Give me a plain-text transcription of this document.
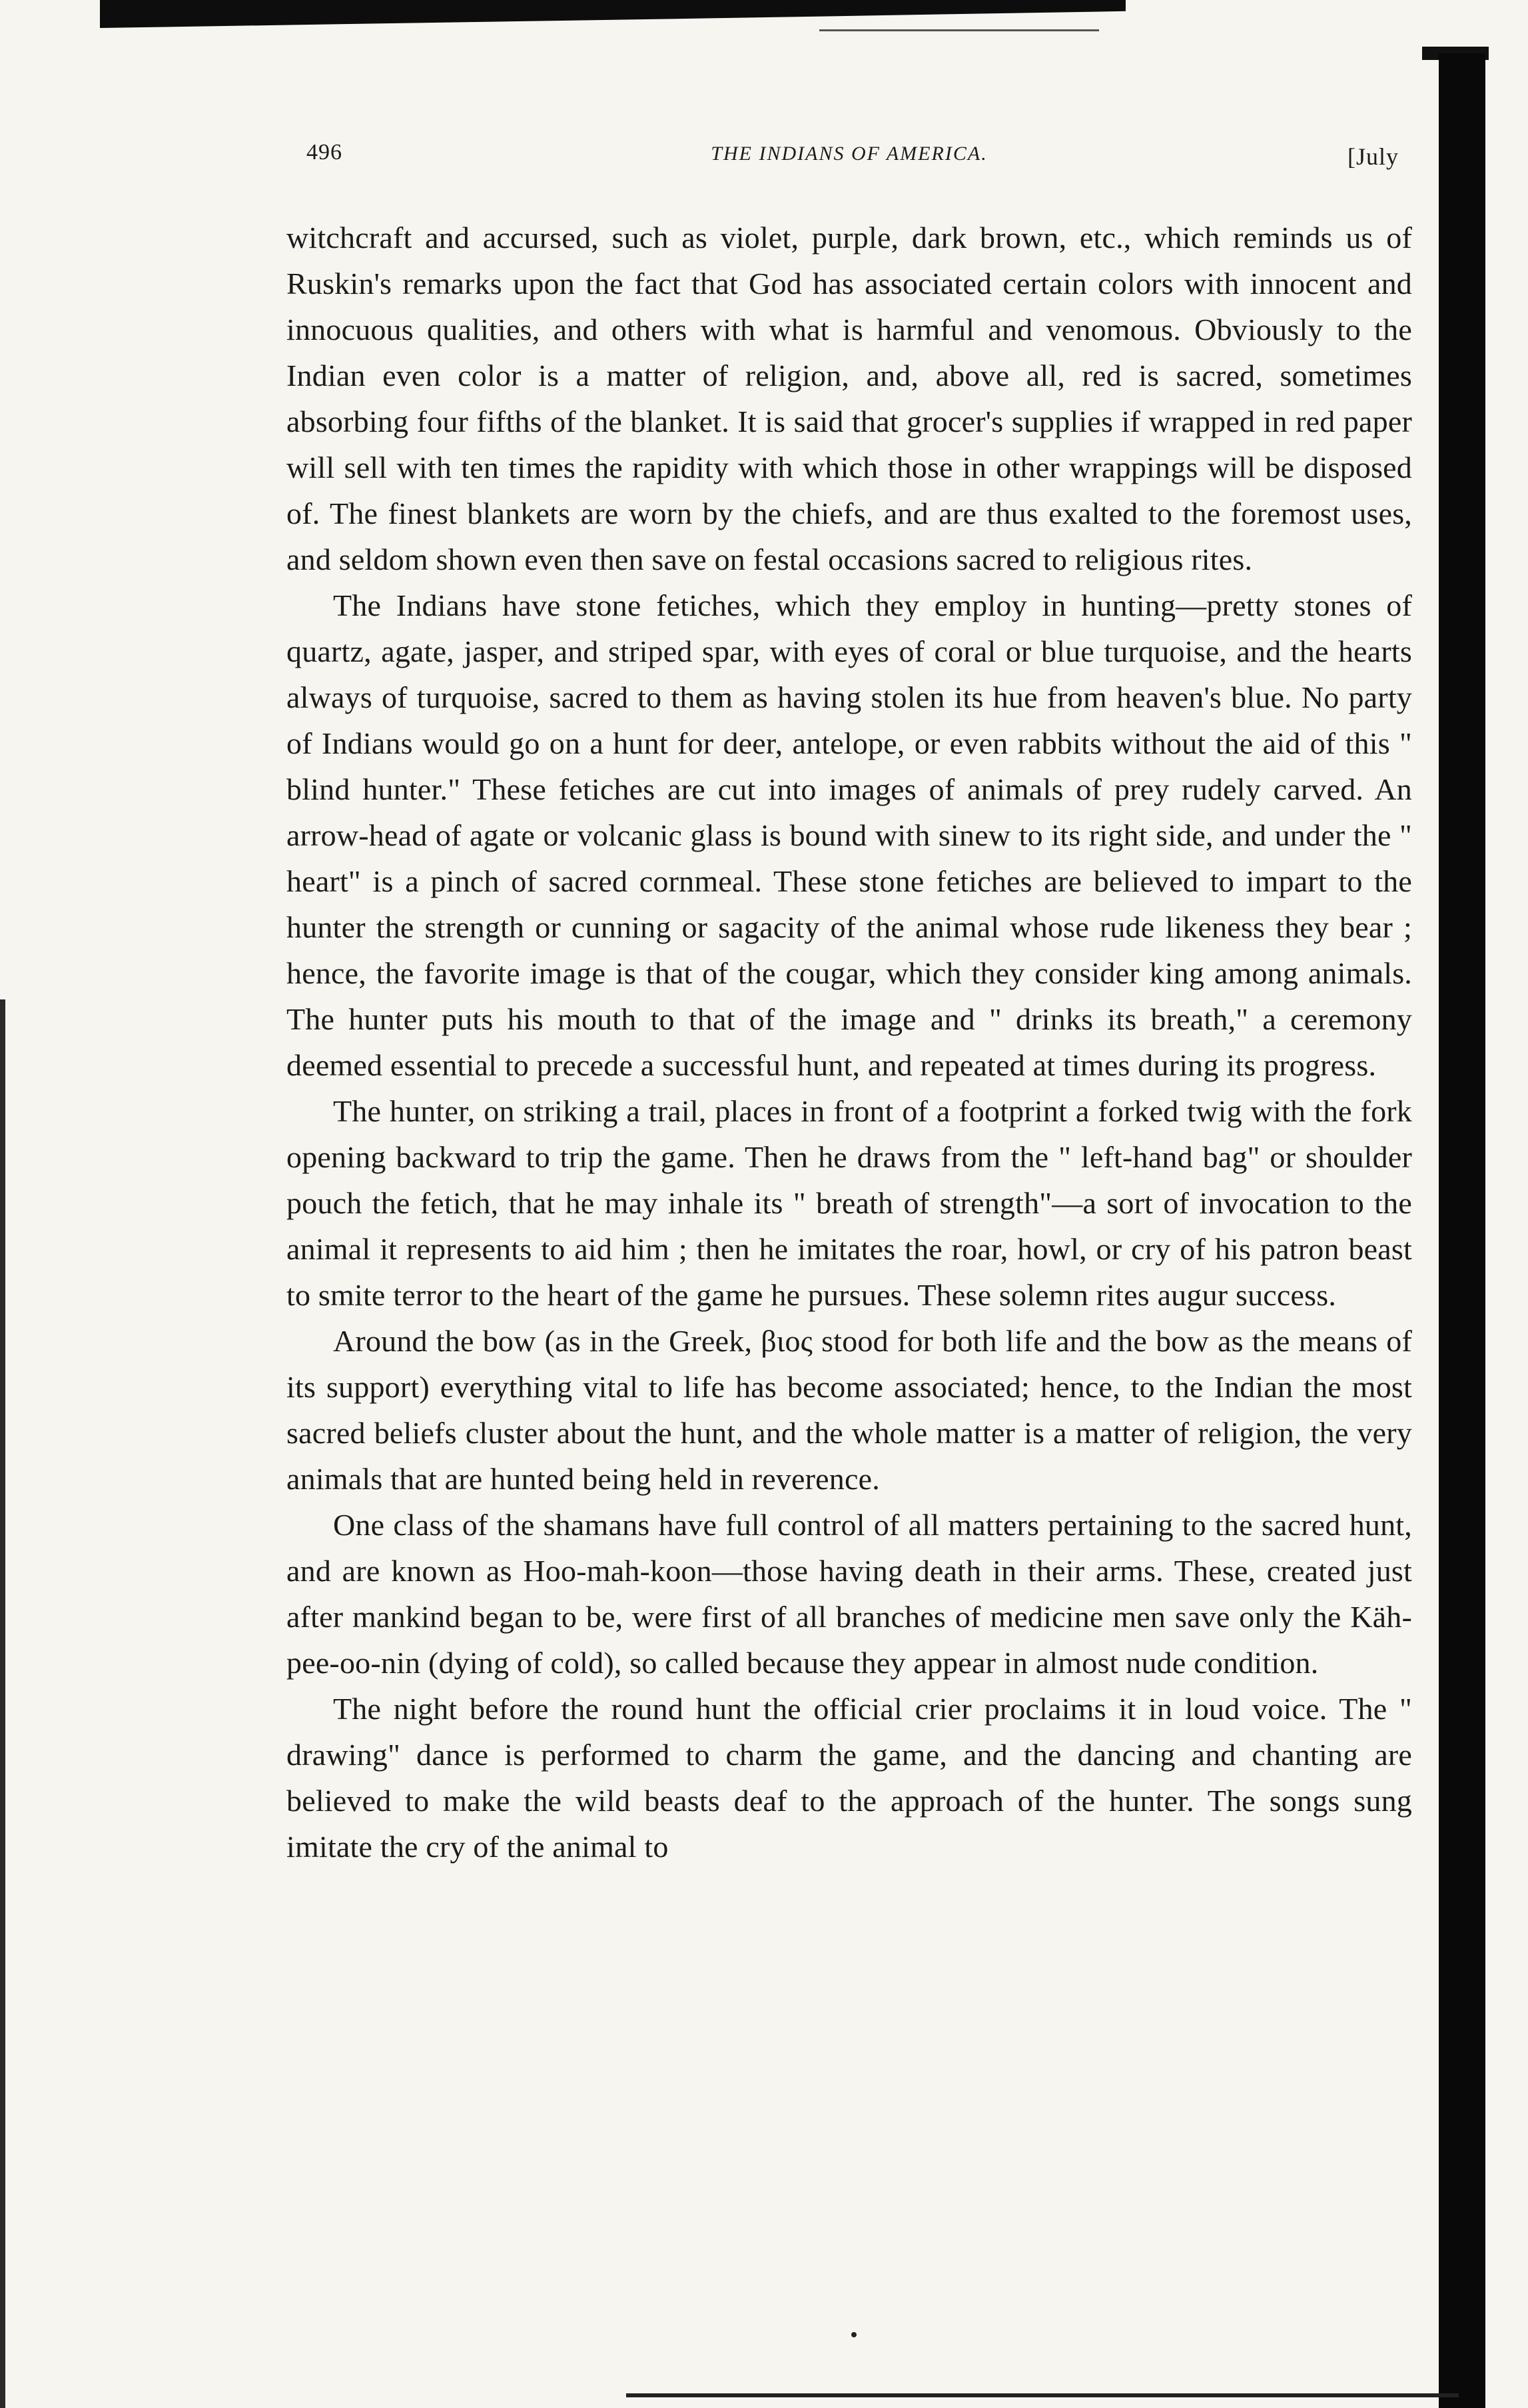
496	THE INDIANS OF AMERICA.	[July

witchcraft and accursed, such as violet, purple, dark brown, etc., which reminds us of Ruskin's remarks upon the fact that God has associated certain colors with innocent and innocuous qualities, and others with what is harmful and venomous. Obviously to the Indian even color is a matter of religion, and, above all, red is sacred, sometimes absorbing four fifths of the blanket. It is said that grocer's supplies if wrapped in red paper will sell with ten times the rapidity with which those in other wrappings will be disposed of. The finest blankets are worn by the chiefs, and are thus exalted to the foremost uses, and seldom shown even then save on festal occasions sacred to religious rites.

The Indians have stone fetiches, which they employ in hunting—pretty stones of quartz, agate, jasper, and striped spar, with eyes of coral or blue turquoise, and the hearts always of turquoise, sacred to them as having stolen its hue from heaven's blue. No party of Indians would go on a hunt for deer, antelope, or even rabbits without the aid of this " blind hunter." These fetiches are cut into images of animals of prey rudely carved. An arrow-head of agate or volcanic glass is bound with sinew to its right side, and under the " heart" is a pinch of sacred cornmeal. These stone fetiches are believed to impart to the hunter the strength or cunning or sagacity of the animal whose rude likeness they bear ; hence, the favorite image is that of the cougar, which they consider king among animals. The hunter puts his mouth to that of the image and " drinks its breath," a ceremony deemed essential to precede a successful hunt, and repeated at times during its progress.

The hunter, on striking a trail, places in front of a footprint a forked twig with the fork opening backward to trip the game. Then he draws from the " left-hand bag" or shoulder pouch the fetich, that he may inhale its " breath of strength"—a sort of invocation to the animal it represents to aid him ; then he imitates the roar, howl, or cry of his patron beast to smite terror to the heart of the game he pursues. These solemn rites augur success.

Around the bow (as in the Greek, βιος stood for both life and the bow as the means of its support) everything vital to life has become associated; hence, to the Indian the most sacred beliefs cluster about the hunt, and the whole matter is a matter of religion, the very animals that are hunted being held in reverence.

One class of the shamans have full control of all matters pertaining to the sacred hunt, and are known as Hoo-mah-koon—those having death in their arms. These, created just after mankind began to be, were first of all branches of medicine men save only the Käh-pee-oo-nin (dying of cold), so called because they appear in almost nude condition.

The night before the round hunt the official crier proclaims it in loud voice. The " drawing" dance is performed to charm the game, and the dancing and chanting are believed to make the wild beasts deaf to the approach of the hunter. The songs sung imitate the cry of the animal to
